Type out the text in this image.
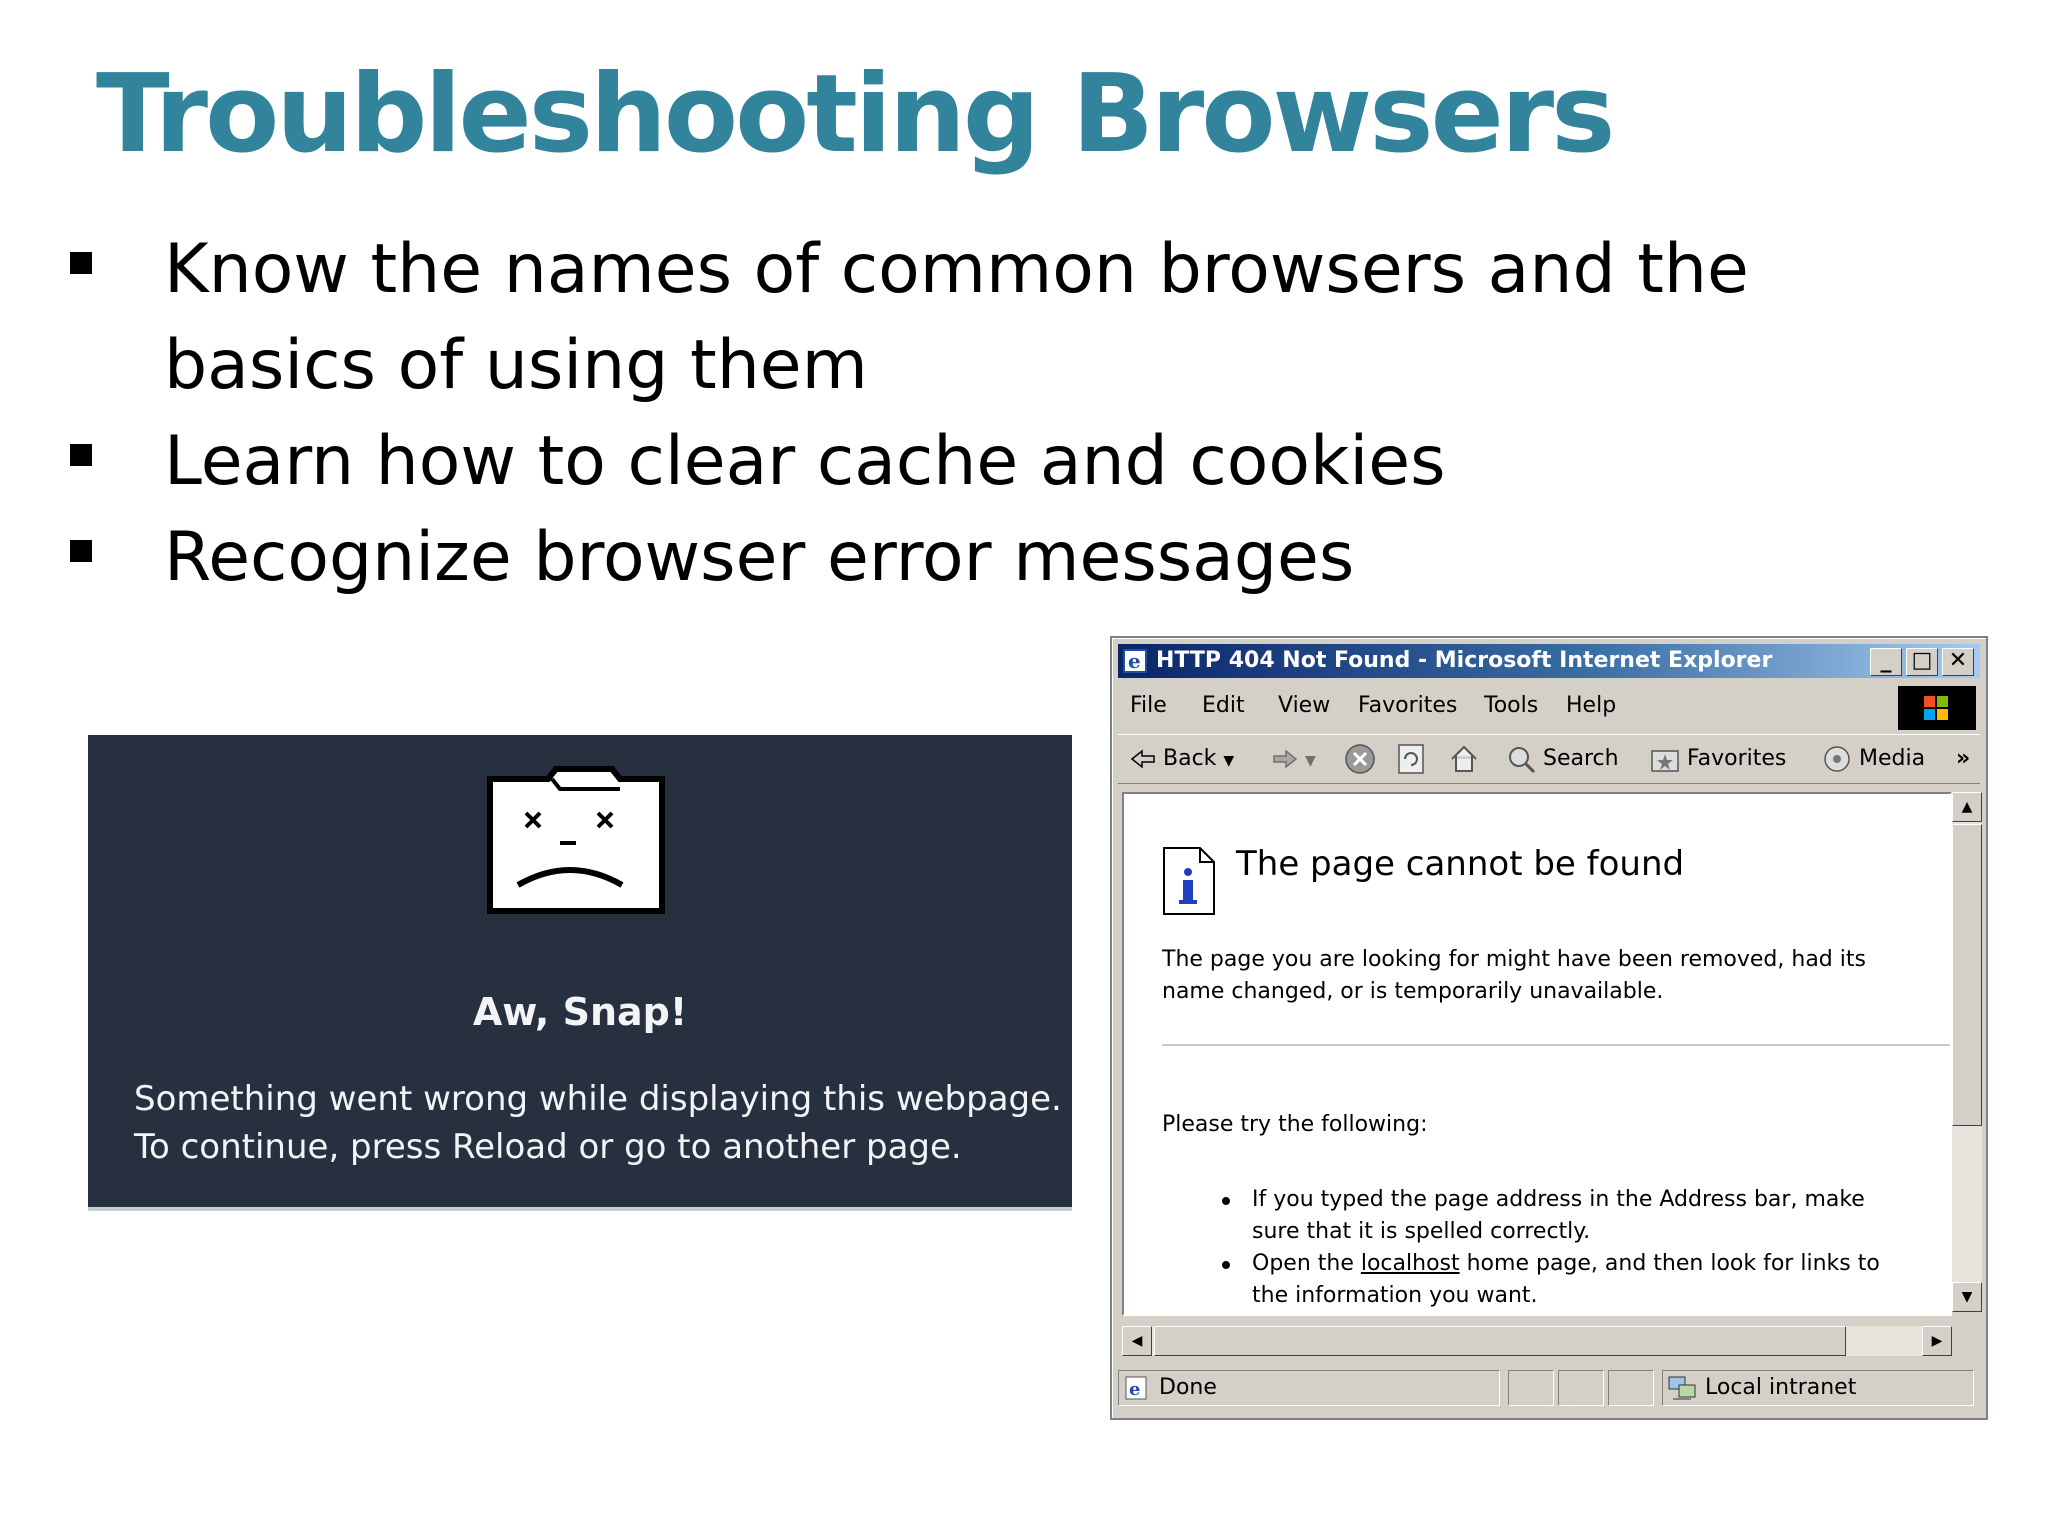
Troubleshooting Browsers
Know the names of common browsers and the
basics of using them
Learn how to clear cache and cookies
Recognize browser error messages
Aw, Snap!
Something went wrong while displaying this webpage.
To continue, press Reload or go to another page.
e HTTP 404 Not Found - Microsoft Internet Explorer	_ □ ✕
File Edit View Favorites Tools Help
Back ▼	▼	Search	Favorites	Media »
The page cannot be found
The page you are looking for might have been removed, had its
name changed, or is temporarily unavailable.
Please try the following:
If you typed the page address in the Address bar, make
sure that it is spelled correctly.
Open the localhost home page, and then look for links to
the information you want.
▲
▼
◀	▶
e Done	Local intranet
